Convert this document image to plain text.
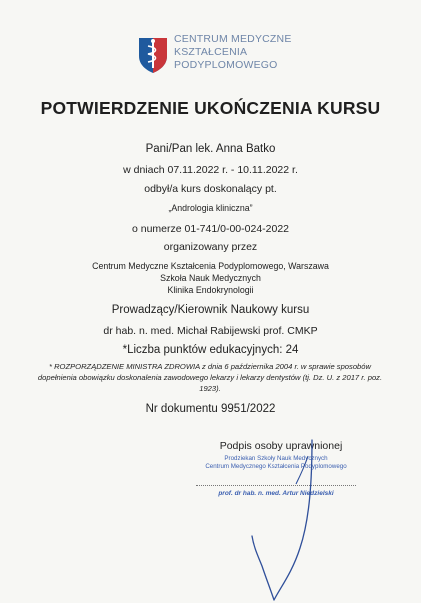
CENTRUM MEDYCZNE
KSZTAŁCENIA
PODYPLOMOWEGO
POTWIERDZENIE UKOŃCZENIA KURSU
Pani/Pan lek. Anna Batko
w dniach 07.11.2022 r. - 10.11.2022 r.
odbył/a kurs doskonalący pt.
„Andrologia kliniczna”
o numerze 01-741/0-00-024-2022
organizowany przez
Centrum Medyczne Kształcenia Podyplomowego, Warszawa
Szkoła Nauk Medycznych
Klinika Endokrynologii
Prowadzący/Kierownik Naukowy kursu
dr hab. n. med. Michał Rabijewski prof. CMKP
*Liczba punktów edukacyjnych: 24
* ROZPORZĄDZENIE MINISTRA ZDROWIA z dnia 6 października 2004 r. w sprawie sposobów dopełnienia obowiązku doskonalenia zawodowego lekarzy i lekarzy dentystów (tj. Dz. U. z 2017 r. poz. 1923).
Nr dokumentu 9951/2022
Podpis osoby uprawnionej
Prodziekan Szkoły Nauk Medycznych
Centrum Medycznego Kształcenia Podyplomowego
prof. dr hab. n. med. Artur Niedzielski
